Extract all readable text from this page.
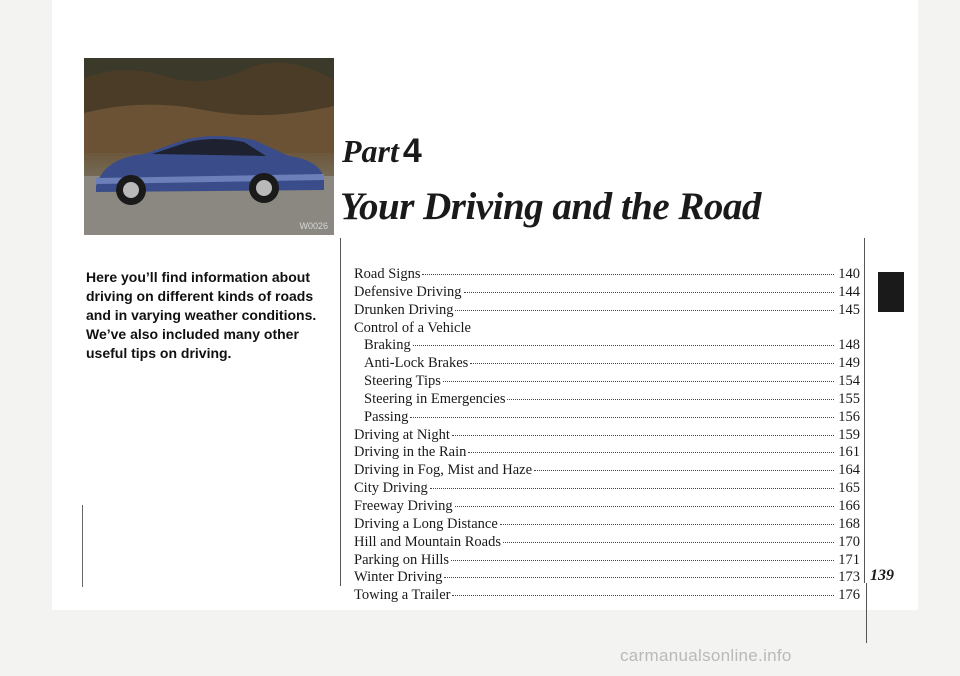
W0026
Part 4
Your Driving and the Road
Here you’ll find information about driving on different kinds of roads and in varying weather conditions. We’ve also included many other useful tips on driving.
Road Signs	140
Defensive Driving	144
Drunken Driving	145
Control of a Vehicle
Braking	148
Anti-Lock Brakes	149
Steering Tips	154
Steering in Emergencies	155
Passing	156
Driving at Night	159
Driving in the Rain	161
Driving in Fog, Mist and Haze	164
City Driving	165
Freeway Driving	166
Driving a Long Distance	168
Hill and Mountain Roads	170
Parking on Hills	171
Winter Driving	173
Towing a Trailer	176
139
carmanualsonline.info
